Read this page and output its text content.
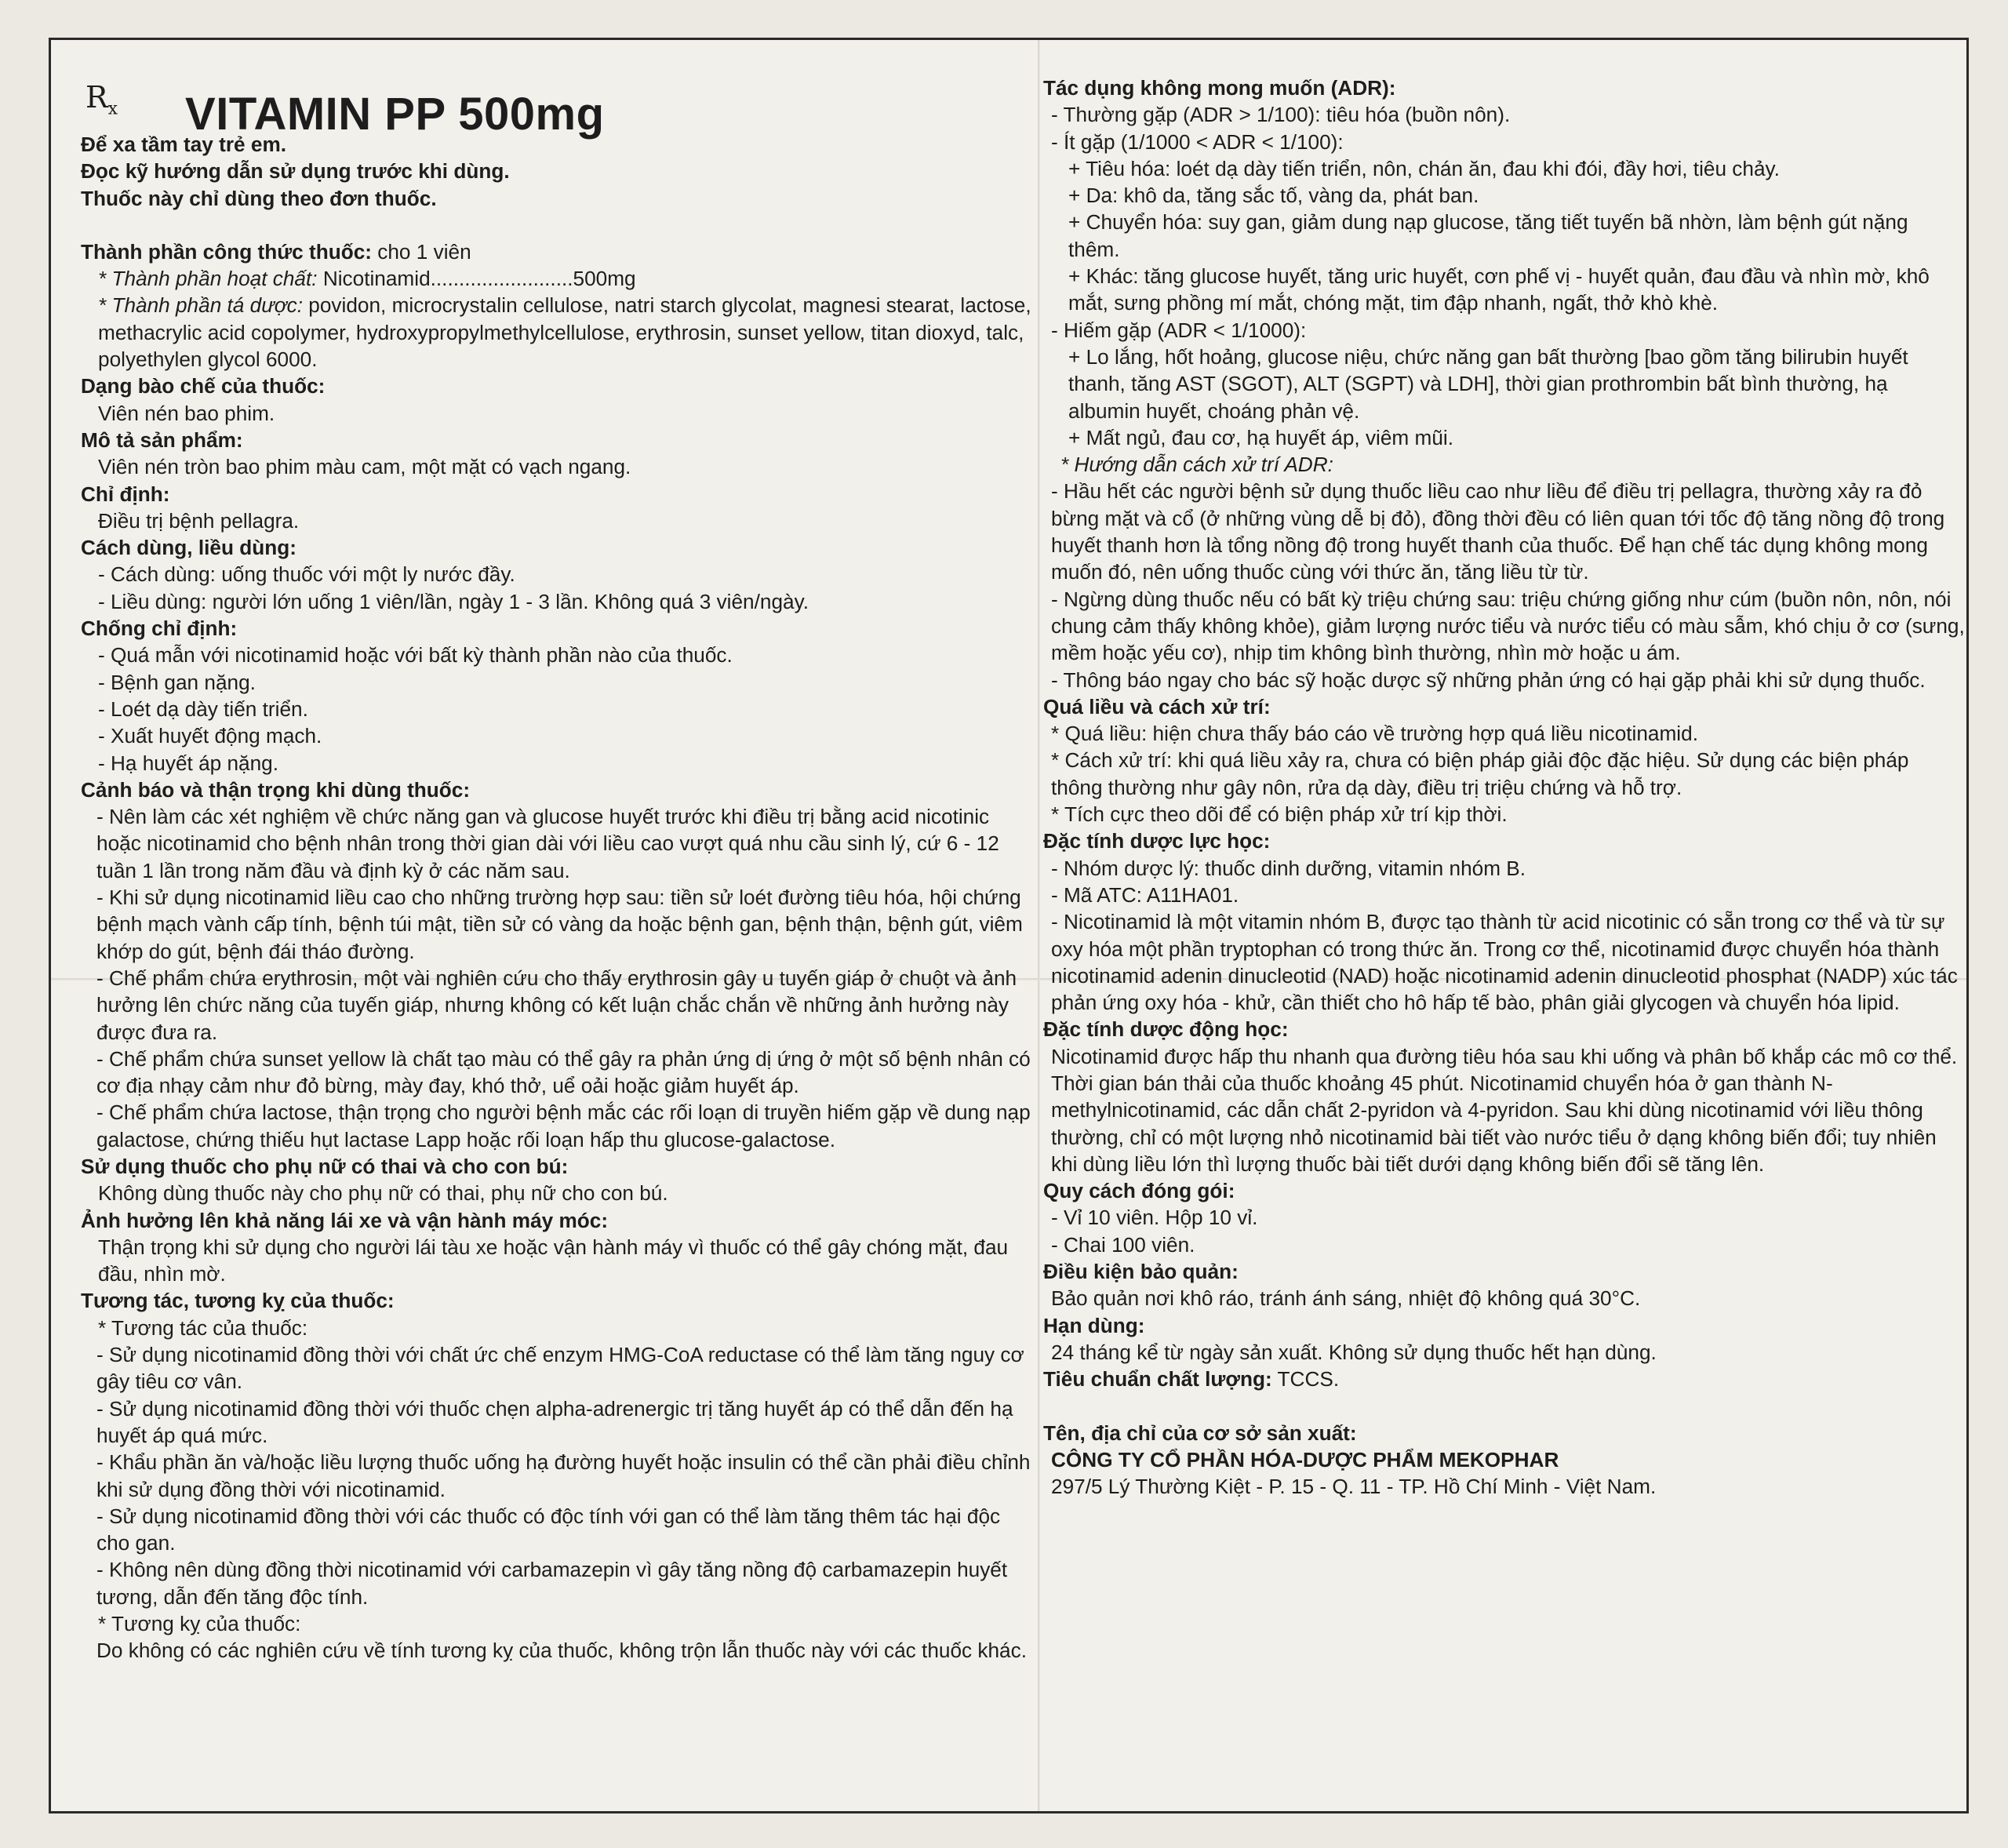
$R_x$ VITAMIN PP 500mg

Để xa tầm tay trẻ em.

Đọc kỹ hướng dẫn sử dụng trước khi dùng.

Thuốc này chỉ dùng theo đơn thuốc.

Thành phần công thức thuốc: cho 1 viên

* Thành phần hoạt chất: Nicotinamid.........................500mg

* Thành phần tá dược: povidon, microcrystalin cellulose, natri starch glycolat, magnesi stearat, lactose, methacrylic acid copolymer, hydroxypropylmethylcellulose, erythrosin, sunset yellow, titan dioxyd, talc, polyethylen glycol 6000.

Dạng bào chế của thuốc:

Viên nén bao phim.

Mô tả sản phẩm:

Viên nén tròn bao phim màu cam, một mặt có vạch ngang.

Chỉ định:

Điều trị bệnh pellagra.

Cách dùng, liều dùng:

- Cách dùng: uống thuốc với một ly nước đầy.

- Liều dùng: người lớn uống 1 viên/lần, ngày 1 - 3 lần. Không quá 3 viên/ngày.

Chống chỉ định:

- Quá mẫn với nicotinamid hoặc với bất kỳ thành phần nào của thuốc.

- Bệnh gan nặng.

- Loét dạ dày tiến triển.

- Xuất huyết động mạch.

- Hạ huyết áp nặng.

Cảnh báo và thận trọng khi dùng thuốc:

- Nên làm các xét nghiệm về chức năng gan và glucose huyết trước khi điều trị bằng acid nicotinic hoặc nicotinamid cho bệnh nhân trong thời gian dài với liều cao vượt quá nhu cầu sinh lý, cứ 6 - 12 tuần 1 lần trong năm đầu và định kỳ ở các năm sau.

- Khi sử dụng nicotinamid liều cao cho những trường hợp sau: tiền sử loét đường tiêu hóa, hội chứng bệnh mạch vành cấp tính, bệnh túi mật, tiền sử có vàng da hoặc bệnh gan, bệnh thận, bệnh gút, viêm khớp do gút, bệnh đái tháo đường.

- Chế phẩm chứa erythrosin, một vài nghiên cứu cho thấy erythrosin gây u tuyến giáp ở chuột và ảnh hưởng lên chức năng của tuyến giáp, nhưng không có kết luận chắc chắn về những ảnh hưởng này được đưa ra.

- Chế phẩm chứa sunset yellow là chất tạo màu có thể gây ra phản ứng dị ứng ở một số bệnh nhân có cơ địa nhạy cảm như đỏ bừng, mày đay, khó thở, uể oải hoặc giảm huyết áp.

- Chế phẩm chứa lactose, thận trọng cho người bệnh mắc các rối loạn di truyền hiếm gặp về dung nạp galactose, chứng thiếu hụt lactase Lapp hoặc rối loạn hấp thu glucose-galactose.

Sử dụng thuốc cho phụ nữ có thai và cho con bú:

Không dùng thuốc này cho phụ nữ có thai, phụ nữ cho con bú.

Ảnh hưởng lên khả năng lái xe và vận hành máy móc:

Thận trọng khi sử dụng cho người lái tàu xe hoặc vận hành máy vì thuốc có thể gây chóng mặt, đau đầu, nhìn mờ.

Tương tác, tương kỵ của thuốc:

* Tương tác của thuốc:

- Sử dụng nicotinamid đồng thời với chất ức chế enzym HMG-CoA reductase có thể làm tăng nguy cơ gây tiêu cơ vân.

- Sử dụng nicotinamid đồng thời với thuốc chẹn alpha-adrenergic trị tăng huyết áp có thể dẫn đến hạ huyết áp quá mức.

- Khẩu phần ăn và/hoặc liều lượng thuốc uống hạ đường huyết hoặc insulin có thể cần phải điều chỉnh khi sử dụng đồng thời với nicotinamid.

- Sử dụng nicotinamid đồng thời với các thuốc có độc tính với gan có thể làm tăng thêm tác hại độc cho gan.

- Không nên dùng đồng thời nicotinamid với carbamazepin vì gây tăng nồng độ carbamazepin huyết tương, dẫn đến tăng độc tính.

* Tương kỵ của thuốc:

Do không có các nghiên cứu về tính tương kỵ của thuốc, không trộn lẫn thuốc này với các thuốc khác.

Tác dụng không mong muốn (ADR):

- Thường gặp (ADR > 1/100): tiêu hóa (buồn nôn).

- Ít gặp (1/1000 < ADR < 1/100):

+ Tiêu hóa: loét dạ dày tiến triển, nôn, chán ăn, đau khi đói, đầy hơi, tiêu chảy.

+ Da: khô da, tăng sắc tố, vàng da, phát ban.

+ Chuyển hóa: suy gan, giảm dung nạp glucose, tăng tiết tuyến bã nhờn, làm bệnh gút nặng thêm.

+ Khác: tăng glucose huyết, tăng uric huyết, cơn phế vị - huyết quản, đau đầu và nhìn mờ, khô mắt, sưng phồng mí mắt, chóng mặt, tim đập nhanh, ngất, thở khò khè.

- Hiếm gặp (ADR < 1/1000):

+ Lo lắng, hốt hoảng, glucose niệu, chức năng gan bất thường [bao gồm tăng bilirubin huyết thanh, tăng AST (SGOT), ALT (SGPT) và LDH], thời gian prothrombin bất bình thường, hạ albumin huyết, choáng phản vệ.

+ Mất ngủ, đau cơ, hạ huyết áp, viêm mũi.

* Hướng dẫn cách xử trí ADR:

- Hầu hết các người bệnh sử dụng thuốc liều cao như liều để điều trị pellagra, thường xảy ra đỏ bừng mặt và cổ (ở những vùng dễ bị đỏ), đồng thời đều có liên quan tới tốc độ tăng nồng độ trong huyết thanh hơn là tổng nồng độ trong huyết thanh của thuốc. Để hạn chế tác dụng không mong muốn đó, nên uống thuốc cùng với thức ăn, tăng liều từ từ.

- Ngừng dùng thuốc nếu có bất kỳ triệu chứng sau: triệu chứng giống như cúm (buồn nôn, nôn, nói chung cảm thấy không khỏe), giảm lượng nước tiểu và nước tiểu có màu sẫm, khó chịu ở cơ (sưng, mềm hoặc yếu cơ), nhịp tim không bình thường, nhìn mờ hoặc u ám.

- Thông báo ngay cho bác sỹ hoặc dược sỹ những phản ứng có hại gặp phải khi sử dụng thuốc.

Quá liều và cách xử trí:

* Quá liều: hiện chưa thấy báo cáo về trường hợp quá liều nicotinamid.

* Cách xử trí: khi quá liều xảy ra, chưa có biện pháp giải độc đặc hiệu. Sử dụng các biện pháp thông thường như gây nôn, rửa dạ dày, điều trị triệu chứng và hỗ trợ.

* Tích cực theo dõi để có biện pháp xử trí kịp thời.

Đặc tính dược lực học:

- Nhóm dược lý: thuốc dinh dưỡng, vitamin nhóm B.

- Mã ATC: A11HA01.

- Nicotinamid là một vitamin nhóm B, được tạo thành từ acid nicotinic có sẵn trong cơ thể và từ sự oxy hóa một phần tryptophan có trong thức ăn. Trong cơ thể, nicotinamid được chuyển hóa thành nicotinamid adenin dinucleotid (NAD) hoặc nicotinamid adenin dinucleotid phosphat (NADP) xúc tác phản ứng oxy hóa - khử, cần thiết cho hô hấp tế bào, phân giải glycogen và chuyển hóa lipid.

Đặc tính dược động học:

Nicotinamid được hấp thu nhanh qua đường tiêu hóa sau khi uống và phân bố khắp các mô cơ thể. Thời gian bán thải của thuốc khoảng 45 phút. Nicotinamid chuyển hóa ở gan thành N-methylnicotinamid, các dẫn chất 2-pyridon và 4-pyridon. Sau khi dùng nicotinamid với liều thông thường, chỉ có một lượng nhỏ nicotinamid bài tiết vào nước tiểu ở dạng không biến đổi; tuy nhiên khi dùng liều lớn thì lượng thuốc bài tiết dưới dạng không biến đổi sẽ tăng lên.

Quy cách đóng gói:

- Vỉ 10 viên. Hộp 10 vỉ.

- Chai 100 viên.

Điều kiện bảo quản:

Bảo quản nơi khô ráo, tránh ánh sáng, nhiệt độ không quá 30°C.

Hạn dùng:

24 tháng kể từ ngày sản xuất. Không sử dụng thuốc hết hạn dùng.

Tiêu chuẩn chất lượng: TCCS.

Tên, địa chỉ của cơ sở sản xuất:

CÔNG TY CỔ PHẦN HÓA-DƯỢC PHẨM MEKOPHAR

297/5 Lý Thường Kiệt - P. 15 - Q. 11 - TP. Hồ Chí Minh - Việt Nam.
